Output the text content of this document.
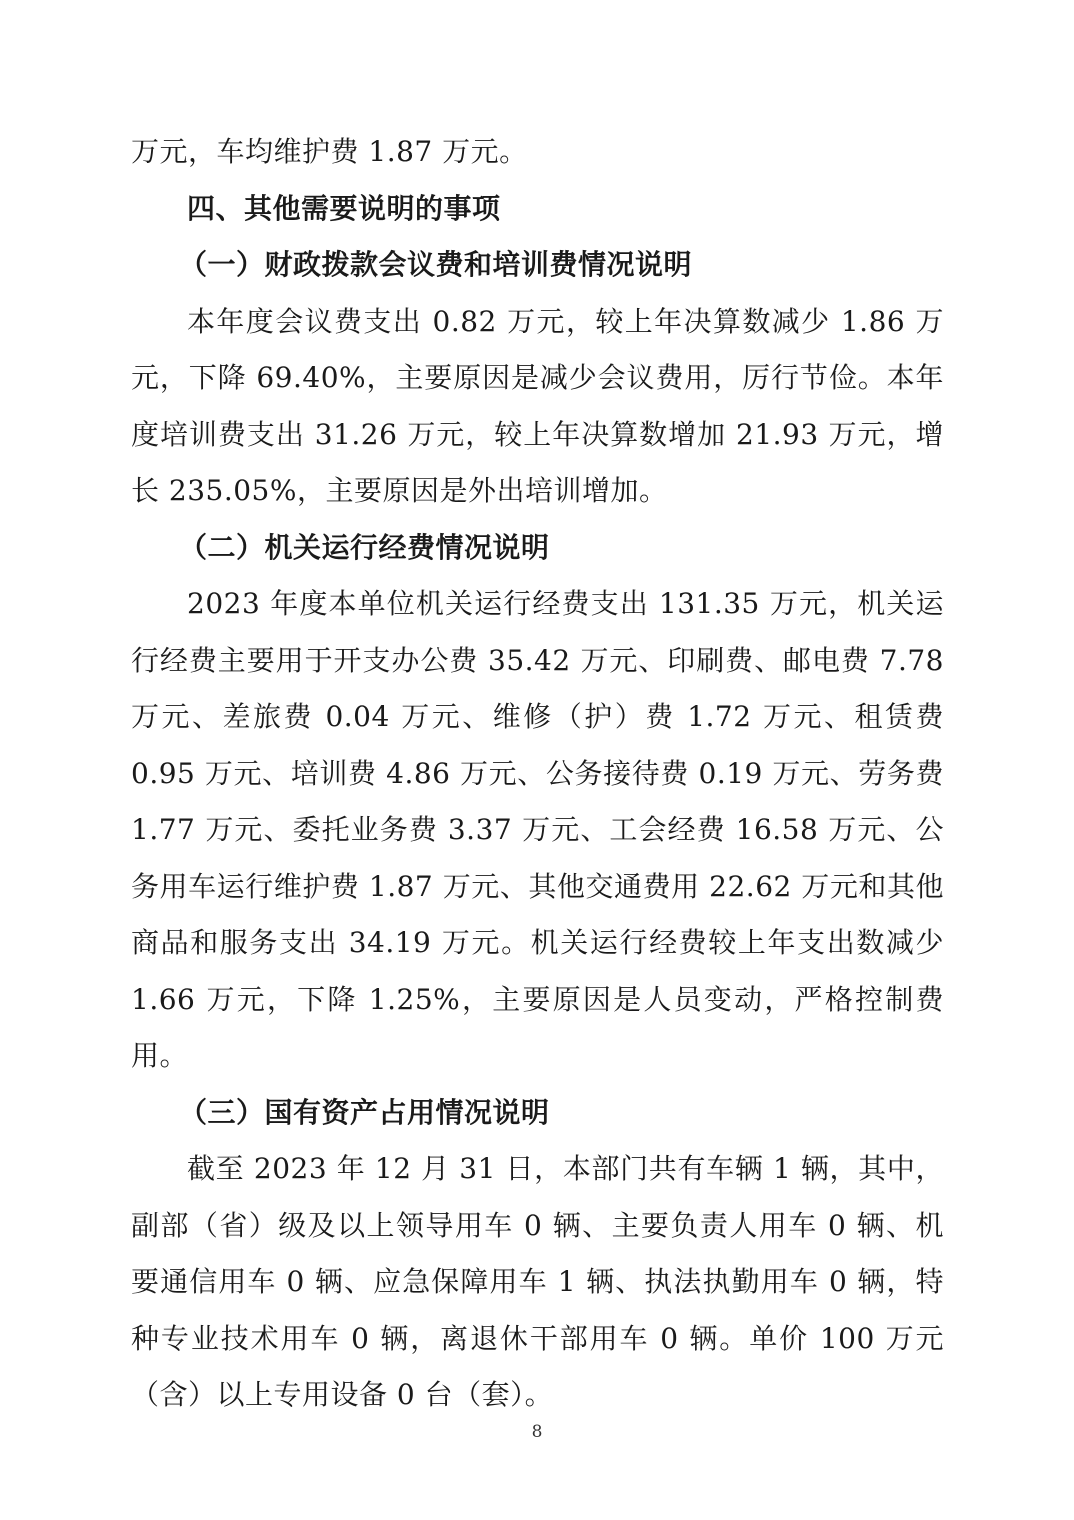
万元，车均维护费 1.87 万元。

四、其他需要说明的事项

（一）财政拨款会议费和培训费情况说明

本年度会议费支出 0.82 万元，较上年决算数减少 1.86 万元，下降 69.40%，主要原因是减少会议费用，厉行节俭。本年度培训费支出 31.26 万元，较上年决算数增加 21.93 万元，增长 235.05%，主要原因是外出培训增加。

（二）机关运行经费情况说明

2023 年度本单位机关运行经费支出 131.35 万元，机关运行经费主要用于开支办公费 35.42 万元、印刷费、邮电费 7.78 万元、差旅费 0.04 万元、维修（护）费 1.72 万元、租赁费 0.95 万元、培训费 4.86 万元、公务接待费 0.19 万元、劳务费 1.77 万元、委托业务费 3.37 万元、工会经费 16.58 万元、公务用车运行维护费 1.87 万元、其他交通费用 22.62 万元和其他商品和服务支出 34.19 万元。机关运行经费较上年支出数减少 1.66 万元，下降 1.25%，主要原因是人员变动，严格控制费用。

（三）国有资产占用情况说明

截至 2023 年 12 月 31 日，本部门共有车辆 1 辆，其中，副部（省）级及以上领导用车 0 辆、主要负责人用车 0 辆、机要通信用车 0 辆、应急保障用车 1 辆、执法执勤用车 0 辆，特种专业技术用车 0 辆，离退休干部用车 0 辆。单价 100 万元（含）以上专用设备 0 台（套）。

8
